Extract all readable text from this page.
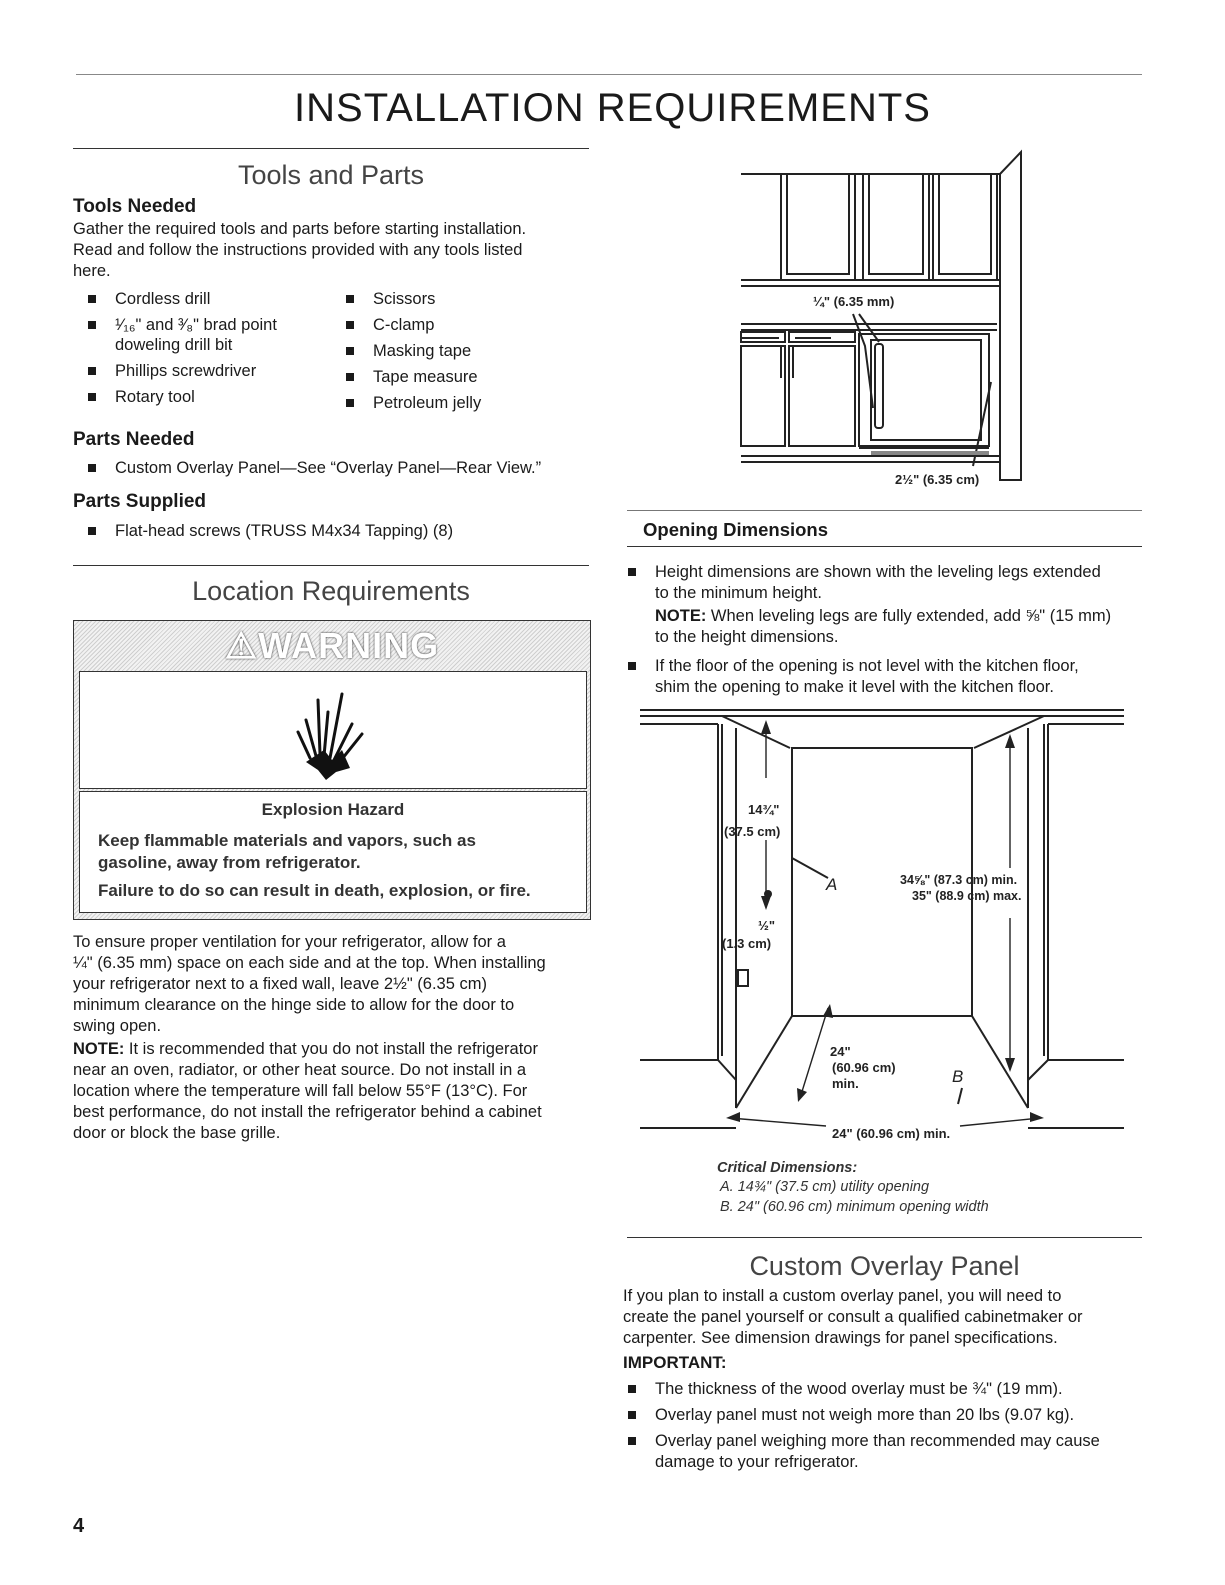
INSTALLATION REQUIREMENTS
Tools and Parts
Tools Needed
Gather the required tools and parts before starting installation.
Read and follow the instructions provided with any tools listed
here.
Cordless drill
¹⁄₁₆" and ³⁄₈" brad point
doweling drill bit
Phillips screwdriver
Rotary tool
Scissors
C-clamp
Masking tape
Tape measure
Petroleum jelly
Parts Needed
Custom Overlay Panel—See “Overlay Panel—Rear View.”
Parts Supplied
Flat-head screws (TRUSS M4x34 Tapping) (8)
Location Requirements
⚠WARNING
Explosion Hazard
Keep flammable materials and vapors, such as
gasoline, away from refrigerator.
Failure to do so can result in death, explosion, or fire.
To ensure proper ventilation for your refrigerator, allow for a
¼" (6.35 mm) space on each side and at the top. When installing
your refrigerator next to a fixed wall, leave 2½" (6.35 cm)
minimum clearance on the hinge side to allow for the door to
swing open.
NOTE: It is recommended that you do not install the refrigerator
near an oven, radiator, or other heat source. Do not install in a
location where the temperature will fall below 55°F (13°C). For
best performance, do not install the refrigerator behind a cabinet
door or block the base grille.
¼" (6.35 mm)
2½" (6.35 cm)
Opening Dimensions
Height dimensions are shown with the leveling legs extended
to the minimum height.
NOTE: When leveling legs are fully extended, add ⅝" (15 mm)
to the height dimensions.
If the floor of the opening is not level with the kitchen floor,
shim the opening to make it level with the kitchen floor.
14¾"
(37.5 cm)
A
½"
(1.3 cm)
34⅝" (87.3 cm) min.
35" (88.9 cm) max.
24"
(60.96 cm)
min.	B
24" (60.96 cm) min.
Critical Dimensions:
A. 14¾" (37.5 cm) utility opening
B. 24" (60.96 cm) minimum opening width
Custom Overlay Panel
If you plan to install a custom overlay panel, you will need to
create the panel yourself or consult a qualified cabinetmaker or
carpenter. See dimension drawings for panel specifications.
IMPORTANT:
The thickness of the wood overlay must be ¾" (19 mm).
Overlay panel must not weigh more than 20 lbs (9.07 kg).
Overlay panel weighing more than recommended may cause
damage to your refrigerator.
4
